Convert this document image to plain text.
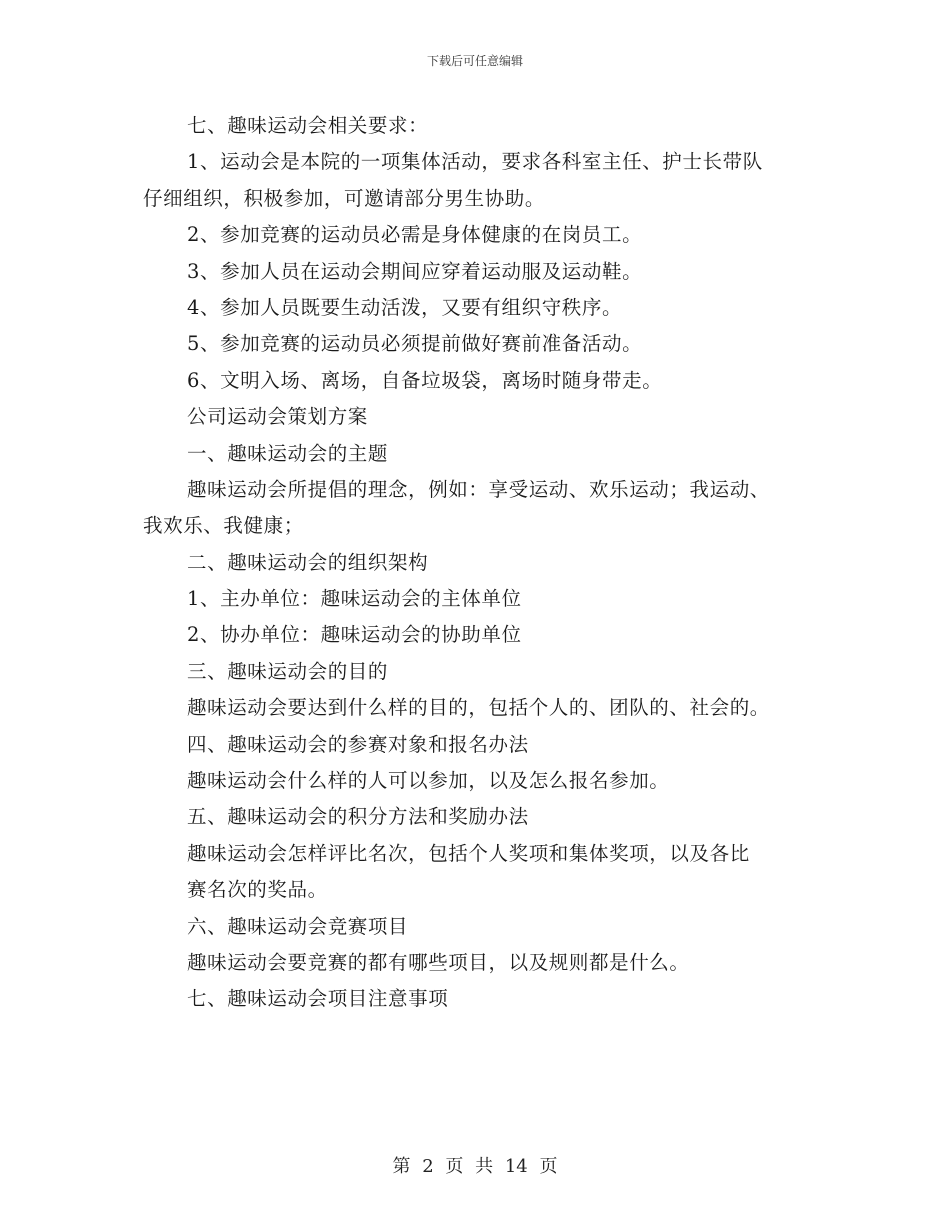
下载后可任意编辑
七、趣味运动会相关要求：
1、运动会是本院的一项集体活动，要求各科室主任、护士长带队
仔细组织，积极参加，可邀请部分男生协助。
2、参加竞赛的运动员必需是身体健康的在岗员工。
3、参加人员在运动会期间应穿着运动服及运动鞋。
4、参加人员既要生动活泼，又要有组织守秩序。
5、参加竞赛的运动员必须提前做好赛前准备活动。
6、文明入场、离场，自备垃圾袋，离场时随身带走。
公司运动会策划方案
一、趣味运动会的主题
趣味运动会所提倡的理念，例如：享受运动、欢乐运动；我运动、
我欢乐、我健康；
二、趣味运动会的组织架构
1、主办单位：趣味运动会的主体单位
2、协办单位：趣味运动会的协助单位
三、趣味运动会的目的
趣味运动会要达到什么样的目的，包括个人的、团队的、社会的。
四、趣味运动会的参赛对象和报名办法
趣味运动会什么样的人可以参加，以及怎么报名参加。
五、趣味运动会的积分方法和奖励办法
趣味运动会怎样评比名次，包括个人奖项和集体奖项，以及各比
赛名次的奖品。
六、趣味运动会竞赛项目
趣味运动会要竞赛的都有哪些项目，以及规则都是什么。
七、趣味运动会项目注意事项
第 2 页 共 14 页
